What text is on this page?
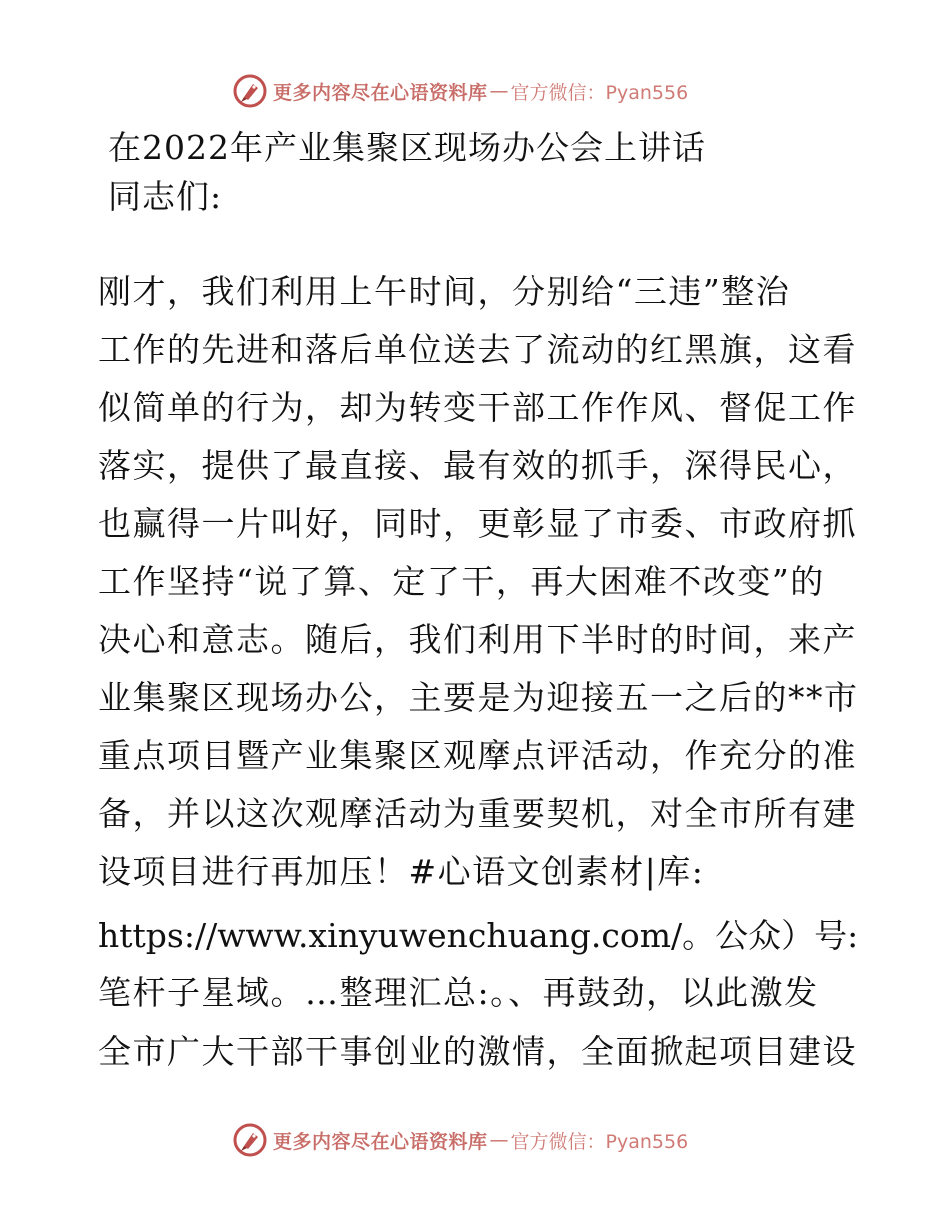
更多内容尽在心语资料库 — 官方微信：Pyan556
在2022年产业集聚区现场办公会上讲话
同志们:
刚才，我们利用上午时间，分别给“三违”整治
工作的先进和落后单位送去了流动的红黑旗，这看
似简单的行为，却为转变干部工作作风、督促工作
落实，提供了最直接、最有效的抓手，深得民心，
也赢得一片叫好，同时，更彰显了市委、市政府抓
工作坚持“说了算、定了干，再大困难不改变”的
决心和意志。随后，我们利用下半时的时间，来产
业集聚区现场办公，主要是为迎接五一之后的**市
重点项目暨产业集聚区观摩点评活动，作充分的准
备，并以这次观摩活动为重要契机，对全市所有建
设项目进行再加压！#心语文创素材|库:
https://www.xinyuwenchuang.com/。公众）号:
笔杆子星域。…整理汇总:。、再鼓劲，以此激发
全市广大干部干事创业的激情，全面掀起项目建设
更多内容尽在心语资料库 — 官方微信：Pyan556
